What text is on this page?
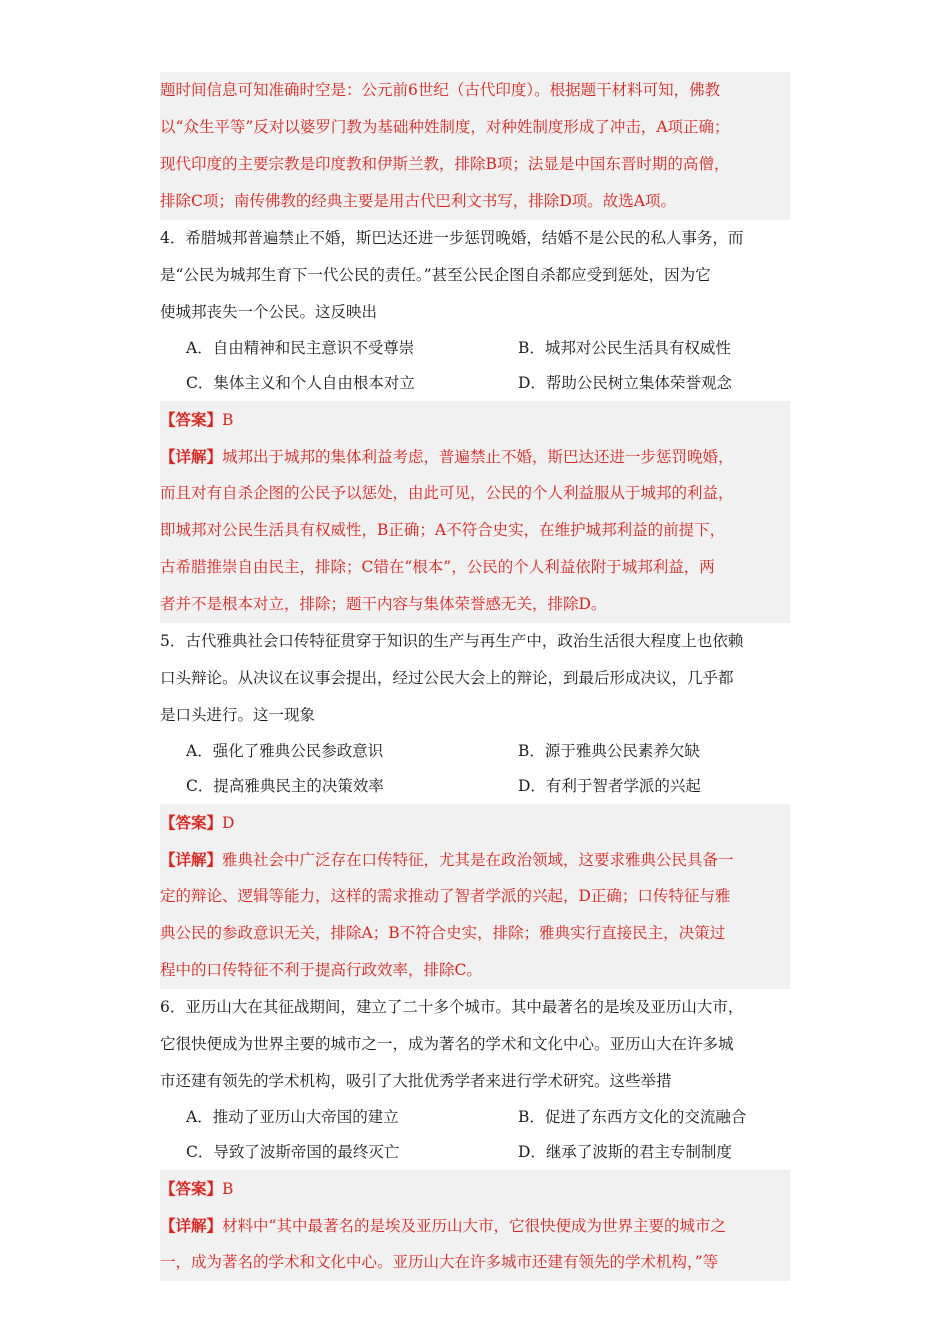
题时间信息可知准确时空是：公元前6世纪（古代印度）。根据题干材料可知，佛教
以“众生平等”反对以婆罗门教为基础种姓制度，对种姓制度形成了冲击，A项正确；
现代印度的主要宗教是印度教和伊斯兰教，排除B项；法显是中国东晋时期的高僧，
排除C项；南传佛教的经典主要是用古代巴利文书写，排除D项。故选A项。
4．希腊城邦普遍禁止不婚，斯巴达还进一步惩罚晚婚，结婚不是公民的私人事务，而
是“公民为城邦生育下一代公民的责任。”甚至公民企图自杀都应受到惩处，因为它
使城邦丧失一个公民。这反映出
A．自由精神和民主意识不受尊崇	B．城邦对公民生活具有权威性
C．集体主义和个人自由根本对立	D．帮助公民树立集体荣誉观念
【答案】B
【详解】城邦出于城邦的集体利益考虑，普遍禁止不婚，斯巴达还进一步惩罚晚婚，
而且对有自杀企图的公民予以惩处，由此可见，公民的个人利益服从于城邦的利益，
即城邦对公民生活具有权威性，B正确；A不符合史实，在维护城邦利益的前提下，
古希腊推崇自由民主，排除；C错在“根本”，公民的个人利益依附于城邦利益，两
者并不是根本对立，排除；题干内容与集体荣誉感无关，排除D。
5．古代雅典社会口传特征贯穿于知识的生产与再生产中，政治生活很大程度上也依赖
口头辩论。从决议在议事会提出，经过公民大会上的辩论，到最后形成决议，几乎都
是口头进行。这一现象
A．强化了雅典公民参政意识	B．源于雅典公民素养欠缺
C．提高雅典民主的决策效率	D．有利于智者学派的兴起
【答案】D
【详解】雅典社会中广泛存在口传特征，尤其是在政治领域，这要求雅典公民具备一
定的辩论、逻辑等能力，这样的需求推动了智者学派的兴起，D正确；口传特征与雅
典公民的参政意识无关，排除A；B不符合史实，排除；雅典实行直接民主，决策过
程中的口传特征不利于提高行政效率，排除C。
6．亚历山大在其征战期间，建立了二十多个城市。其中最著名的是埃及亚历山大市，
它很快便成为世界主要的城市之一，成为著名的学术和文化中心。亚历山大在许多城
市还建有领先的学术机构，吸引了大批优秀学者来进行学术研究。这些举措
A．推动了亚历山大帝国的建立	B．促进了东西方文化的交流融合
C．导致了波斯帝国的最终灭亡	D．继承了波斯的君主专制制度
【答案】B
【详解】材料中“其中最著名的是埃及亚历山大市，它很快便成为世界主要的城市之
一，成为著名的学术和文化中心。亚历山大在许多城市还建有领先的学术机构，”等
